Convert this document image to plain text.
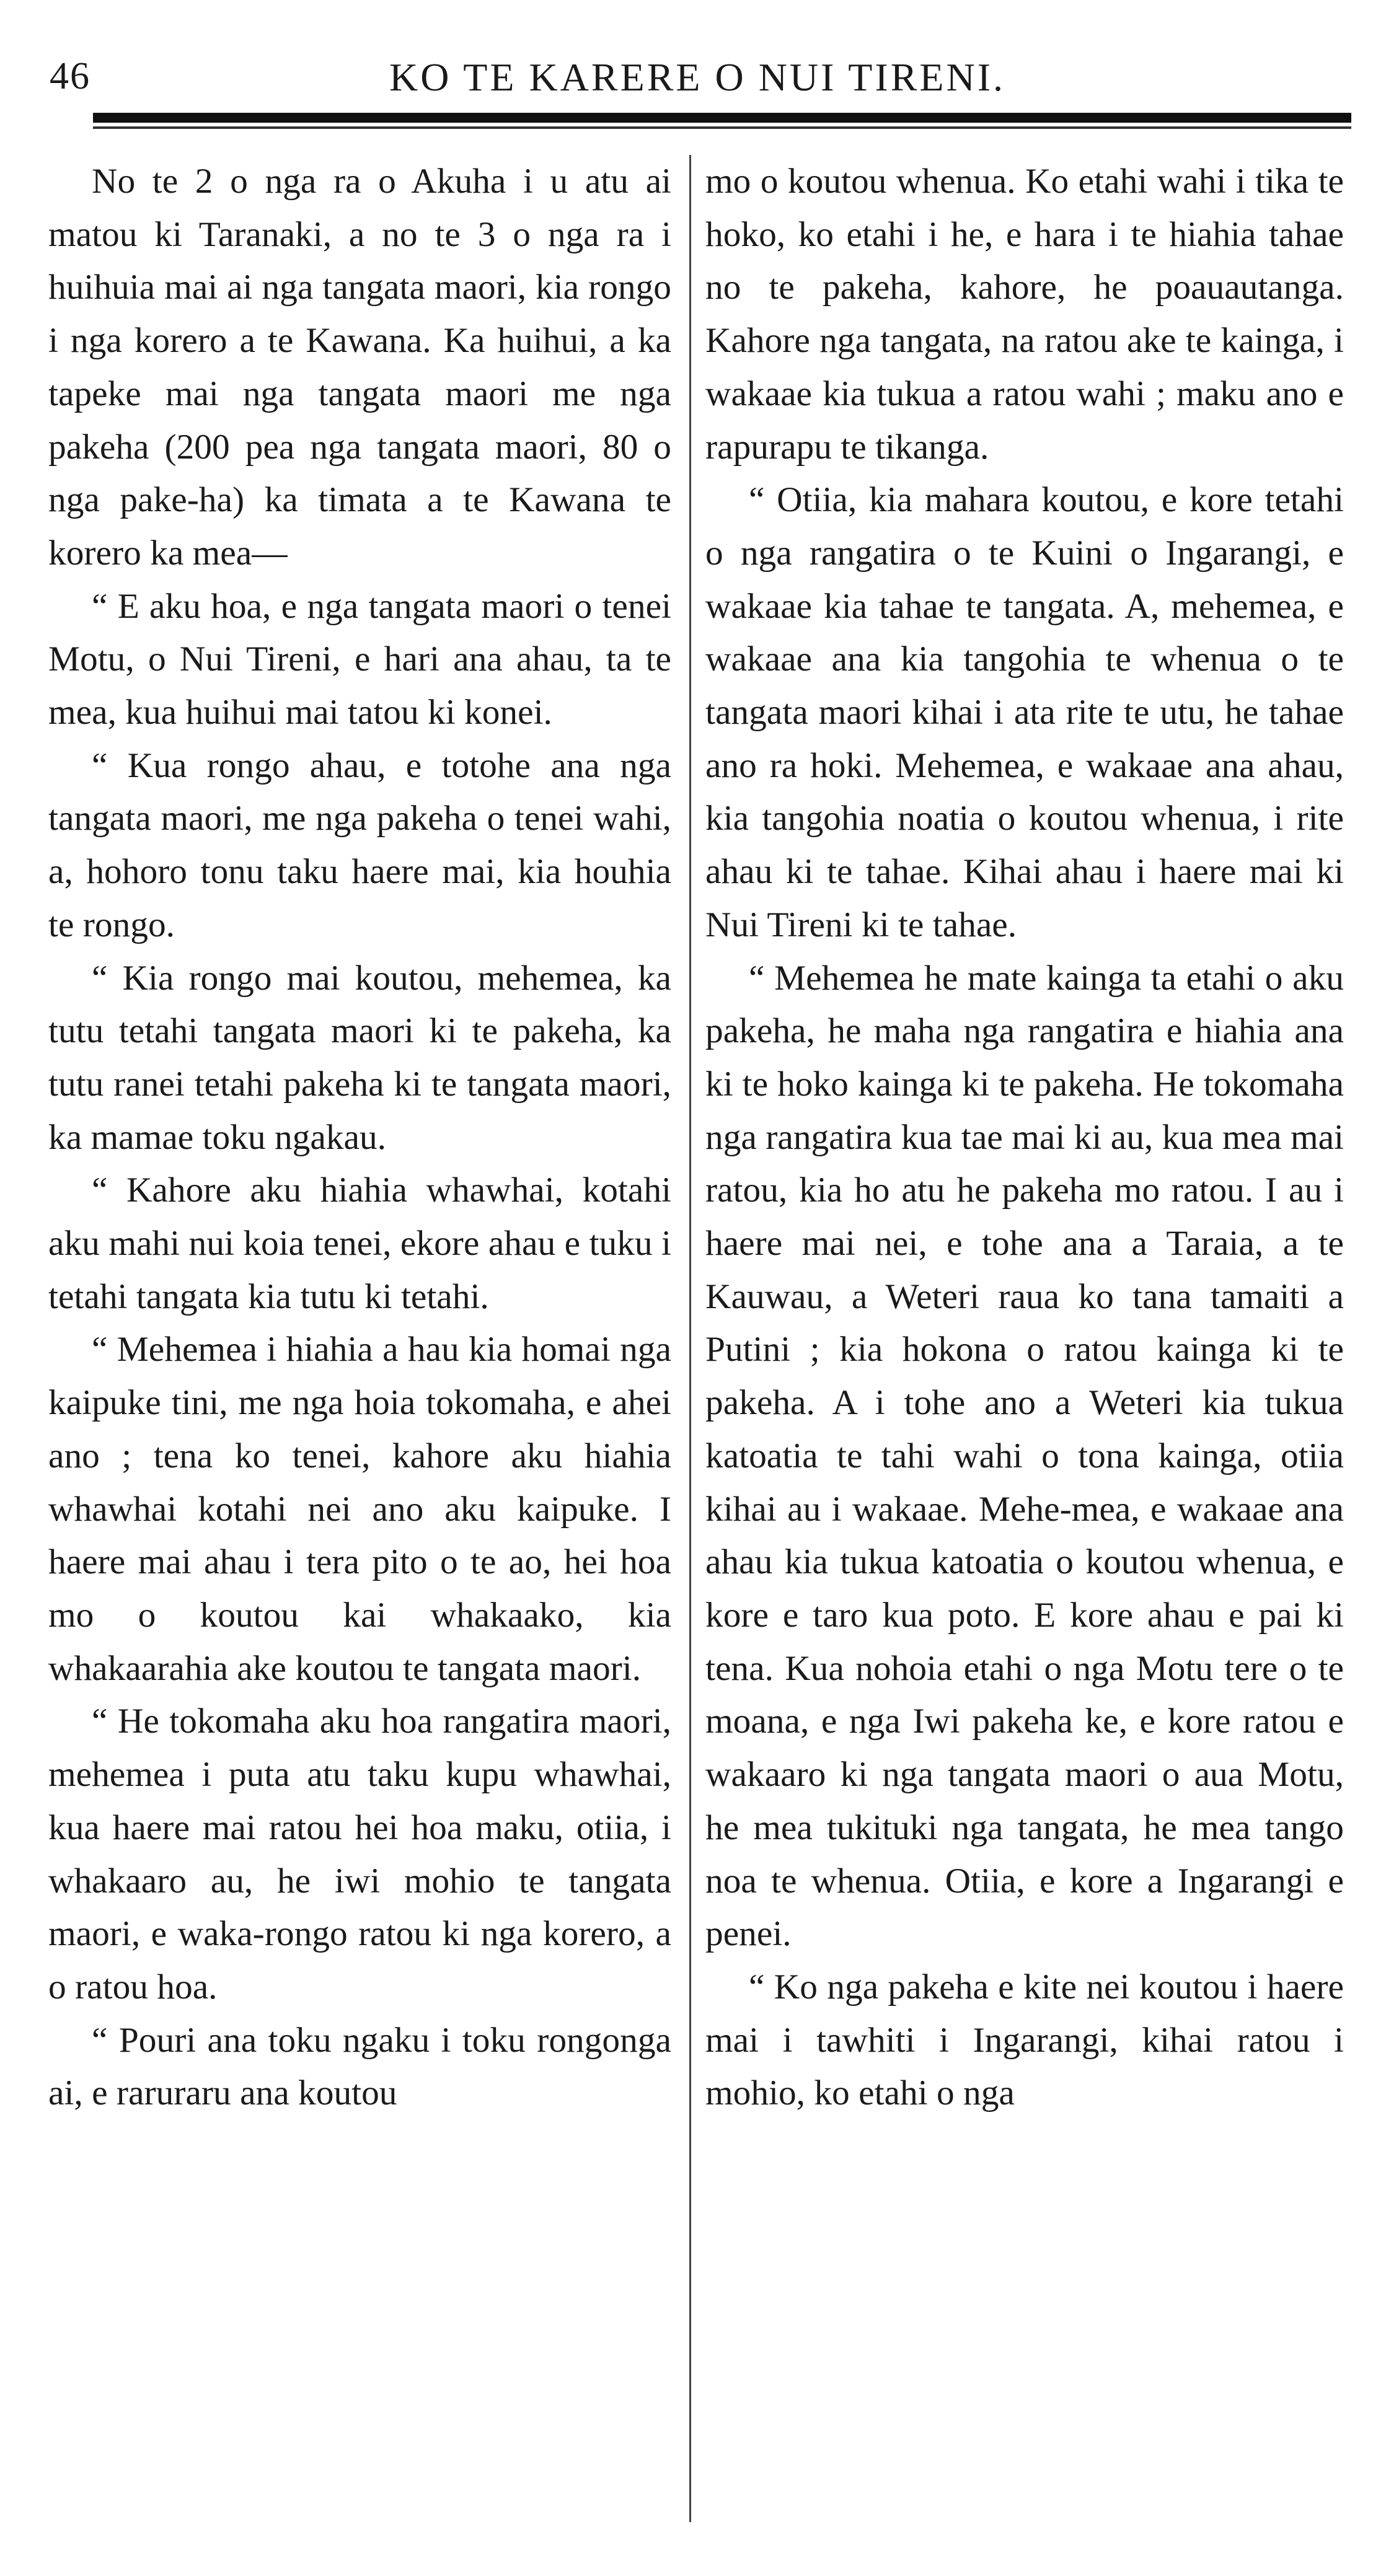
46	KO TE KARERE O NUI TIRENI.

No te 2 o nga ra o Akuha i u atu ai matou ki Taranaki, a no te 3 o nga ra i huihuia mai ai nga tangata maori, kia rongo i nga korero a te Kawana. Ka huihui, a ka tapeke mai nga tangata maori me nga pakeha (200 pea nga tangata maori, 80 o nga pake-ha) ka timata a te Kawana te korero ka mea—

“ E aku hoa, e nga tangata maori o tenei Motu, o Nui Tireni, e hari ana ahau, ta te mea, kua huihui mai tatou ki konei.

“ Kua rongo ahau, e totohe ana nga tangata maori, me nga pakeha o tenei wahi, a, hohoro tonu taku haere mai, kia houhia te rongo.

“ Kia rongo mai koutou, mehemea, ka tutu tetahi tangata maori ki te pakeha, ka tutu ranei tetahi pakeha ki te tangata maori, ka mamae toku ngakau.

“ Kahore aku hiahia whawhai, kotahi aku mahi nui koia tenei, ekore ahau e tuku i tetahi tangata kia tutu ki tetahi.

“ Mehemea i hiahia a hau kia homai nga kaipuke tini, me nga hoia tokomaha, e ahei ano ; tena ko tenei, kahore aku hiahia whawhai kotahi nei ano aku kaipuke. I haere mai ahau i tera pito o te ao, hei hoa mo o koutou kai whakaako, kia whakaarahia ake koutou te tangata maori.

“ He tokomaha aku hoa rangatira maori, mehemea i puta atu taku kupu whawhai, kua haere mai ratou hei hoa maku, otiia, i whakaaro au, he iwi mohio te tangata maori, e waka-rongo ratou ki nga korero, a o ratou hoa.

“ Pouri ana toku ngaku i toku rongonga ai, e raruraru ana koutou

mo o koutou whenua. Ko etahi wahi i tika te hoko, ko etahi i he, e hara i te hiahia tahae no te pakeha, kahore, he poauautanga. Kahore nga tangata, na ratou ake te kainga, i wakaae kia tukua a ratou wahi ; maku ano e rapurapu te tikanga.

“ Otiia, kia mahara koutou, e kore tetahi o nga rangatira o te Kuini o Ingarangi, e wakaae kia tahae te tangata. A, mehemea, e wakaae ana kia tangohia te whenua o te tangata maori kihai i ata rite te utu, he tahae ano ra hoki. Mehemea, e wakaae ana ahau, kia tangohia noatia o koutou whenua, i rite ahau ki te tahae. Kihai ahau i haere mai ki Nui Tireni ki te tahae.

“ Mehemea he mate kainga ta etahi o aku pakeha, he maha nga rangatira e hiahia ana ki te hoko kainga ki te pakeha. He tokomaha nga rangatira kua tae mai ki au, kua mea mai ratou, kia ho atu he pakeha mo ratou. I au i haere mai nei, e tohe ana a Taraia, a te Kauwau, a Weteri raua ko tana tamaiti a Putini ; kia hokona o ratou kainga ki te pakeha. A i tohe ano a Weteri kia tukua katoatia te tahi wahi o tona kainga, otiia kihai au i wakaae. Mehe-mea, e wakaae ana ahau kia tukua katoatia o koutou whenua, e kore e taro kua poto. E kore ahau e pai ki tena. Kua nohoia etahi o nga Motu tere o te moana, e nga Iwi pakeha ke, e kore ratou e wakaaro ki nga tangata maori o aua Motu, he mea tukituki nga tangata, he mea tango noa te whenua. Otiia, e kore a Ingarangi e penei.

“ Ko nga pakeha e kite nei koutou i haere mai i tawhiti i Ingarangi, kihai ratou i mohio, ko etahi o nga
